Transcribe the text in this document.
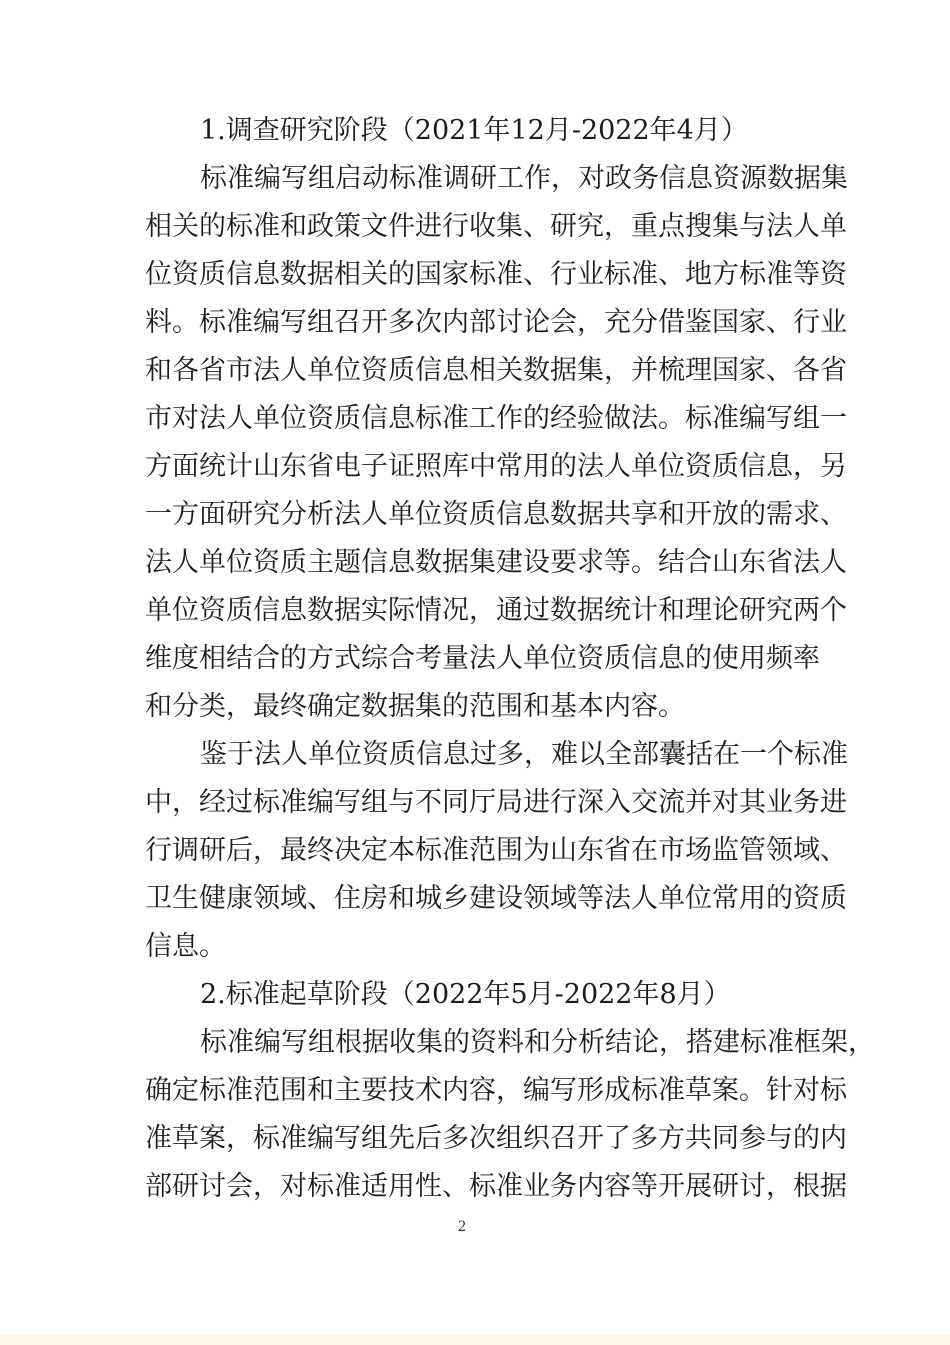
1.调查研究阶段（2021年12月-2022年4月）
标准编写组启动标准调研工作，对政务信息资源数据集
相关的标准和政策文件进行收集、研究，重点搜集与法人单
位资质信息数据相关的国家标准、行业标准、地方标准等资
料。标准编写组召开多次内部讨论会，充分借鉴国家、行业
和各省市法人单位资质信息相关数据集，并梳理国家、各省
市对法人单位资质信息标准工作的经验做法。标准编写组一
方面统计山东省电子证照库中常用的法人单位资质信息，另
一方面研究分析法人单位资质信息数据共享和开放的需求、
法人单位资质主题信息数据集建设要求等。结合山东省法人
单位资质信息数据实际情况，通过数据统计和理论研究两个
维度相结合的方式综合考量法人单位资质信息的使用频率
和分类，最终确定数据集的范围和基本内容。
鉴于法人单位资质信息过多，难以全部囊括在一个标准
中，经过标准编写组与不同厅局进行深入交流并对其业务进
行调研后，最终决定本标准范围为山东省在市场监管领域、
卫生健康领域、住房和城乡建设领域等法人单位常用的资质
信息。
2.标准起草阶段（2022年5月-2022年8月）
标准编写组根据收集的资料和分析结论，搭建标准框架，
确定标准范围和主要技术内容，编写形成标准草案。针对标
准草案，标准编写组先后多次组织召开了多方共同参与的内
部研讨会，对标准适用性、标准业务内容等开展研讨，根据
2
